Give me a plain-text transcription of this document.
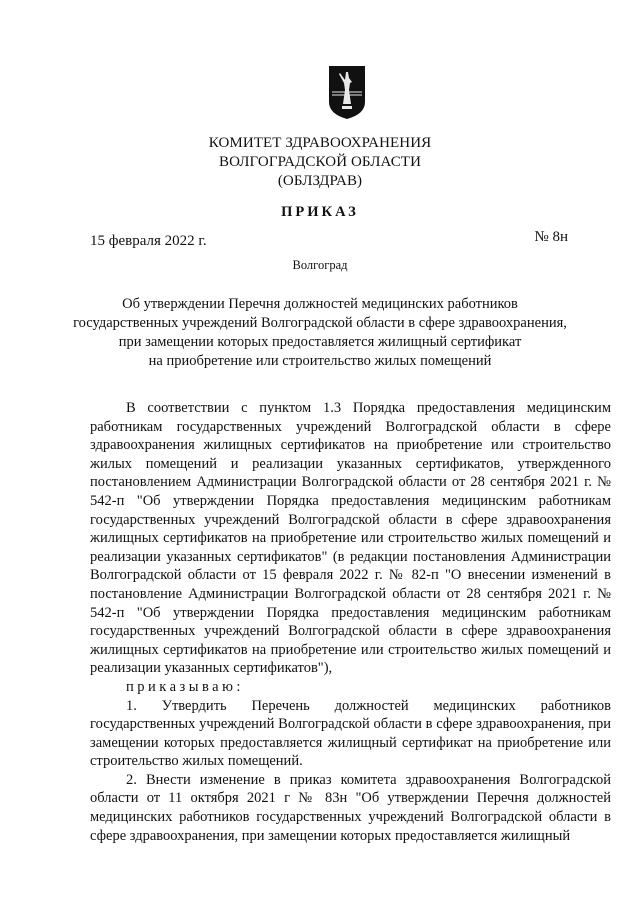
КОМИТЕТ ЗДРАВООХРАНЕНИЯ
ВОЛГОГРАДСКОЙ ОБЛАСТИ
(ОБЛЗДРАВ)
ПРИКАЗ
15 февраля 2022 г.	№ 8н
Волгоград
Об утверждении Перечня должностей медицинских работников
государственных учреждений Волгоградской области в сфере здравоохранения,
при замещении которых предоставляется жилищный сертификат
на приобретение или строительство жилых помещений

В соответствии с пунктом 1.3 Порядка предоставления медицинским работникам государственных учреждений Волгоградской области в сфере здравоохранения жилищных сертификатов на приобретение или строительство жилых помещений и реализации указанных сертификатов, утвержденного постановлением Администрации Волгоградской области от 28 сентября 2021 г. № 542-п "Об утверждении Порядка предоставления медицинским работникам государственных учреждений Волгоградской области в сфере здравоохранения жилищных сертификатов на приобретение или строительство жилых помещений и реализации указанных сертификатов" (в редакции постановления Администрации Волгоградской области от 15 февраля 2022 г. № 82-п "О внесении изменений в постановление Администрации Волгоградской области от 28 сентября 2021 г. № 542-п "Об утверждении Порядка предоставления медицинским работникам государственных учреждений Волгоградской области в сфере здравоохранения жилищных сертификатов на приобретение или строительство жилых помещений и реализации указанных сертификатов"),

приказываю:

1. Утвердить Перечень должностей медицинских работников государственных учреждений Волгоградской области в сфере здравоохранения, при замещении которых предоставляется жилищный сертификат на приобретение или строительство жилых помещений.

2. Внести изменение в приказ комитета здравоохранения Волгоградской области от 11 октября 2021 г № 83н "Об утверждении Перечня должностей медицинских работников государственных учреждений Волгоградской области в сфере здравоохранения, при замещении которых предоставляется жилищный
